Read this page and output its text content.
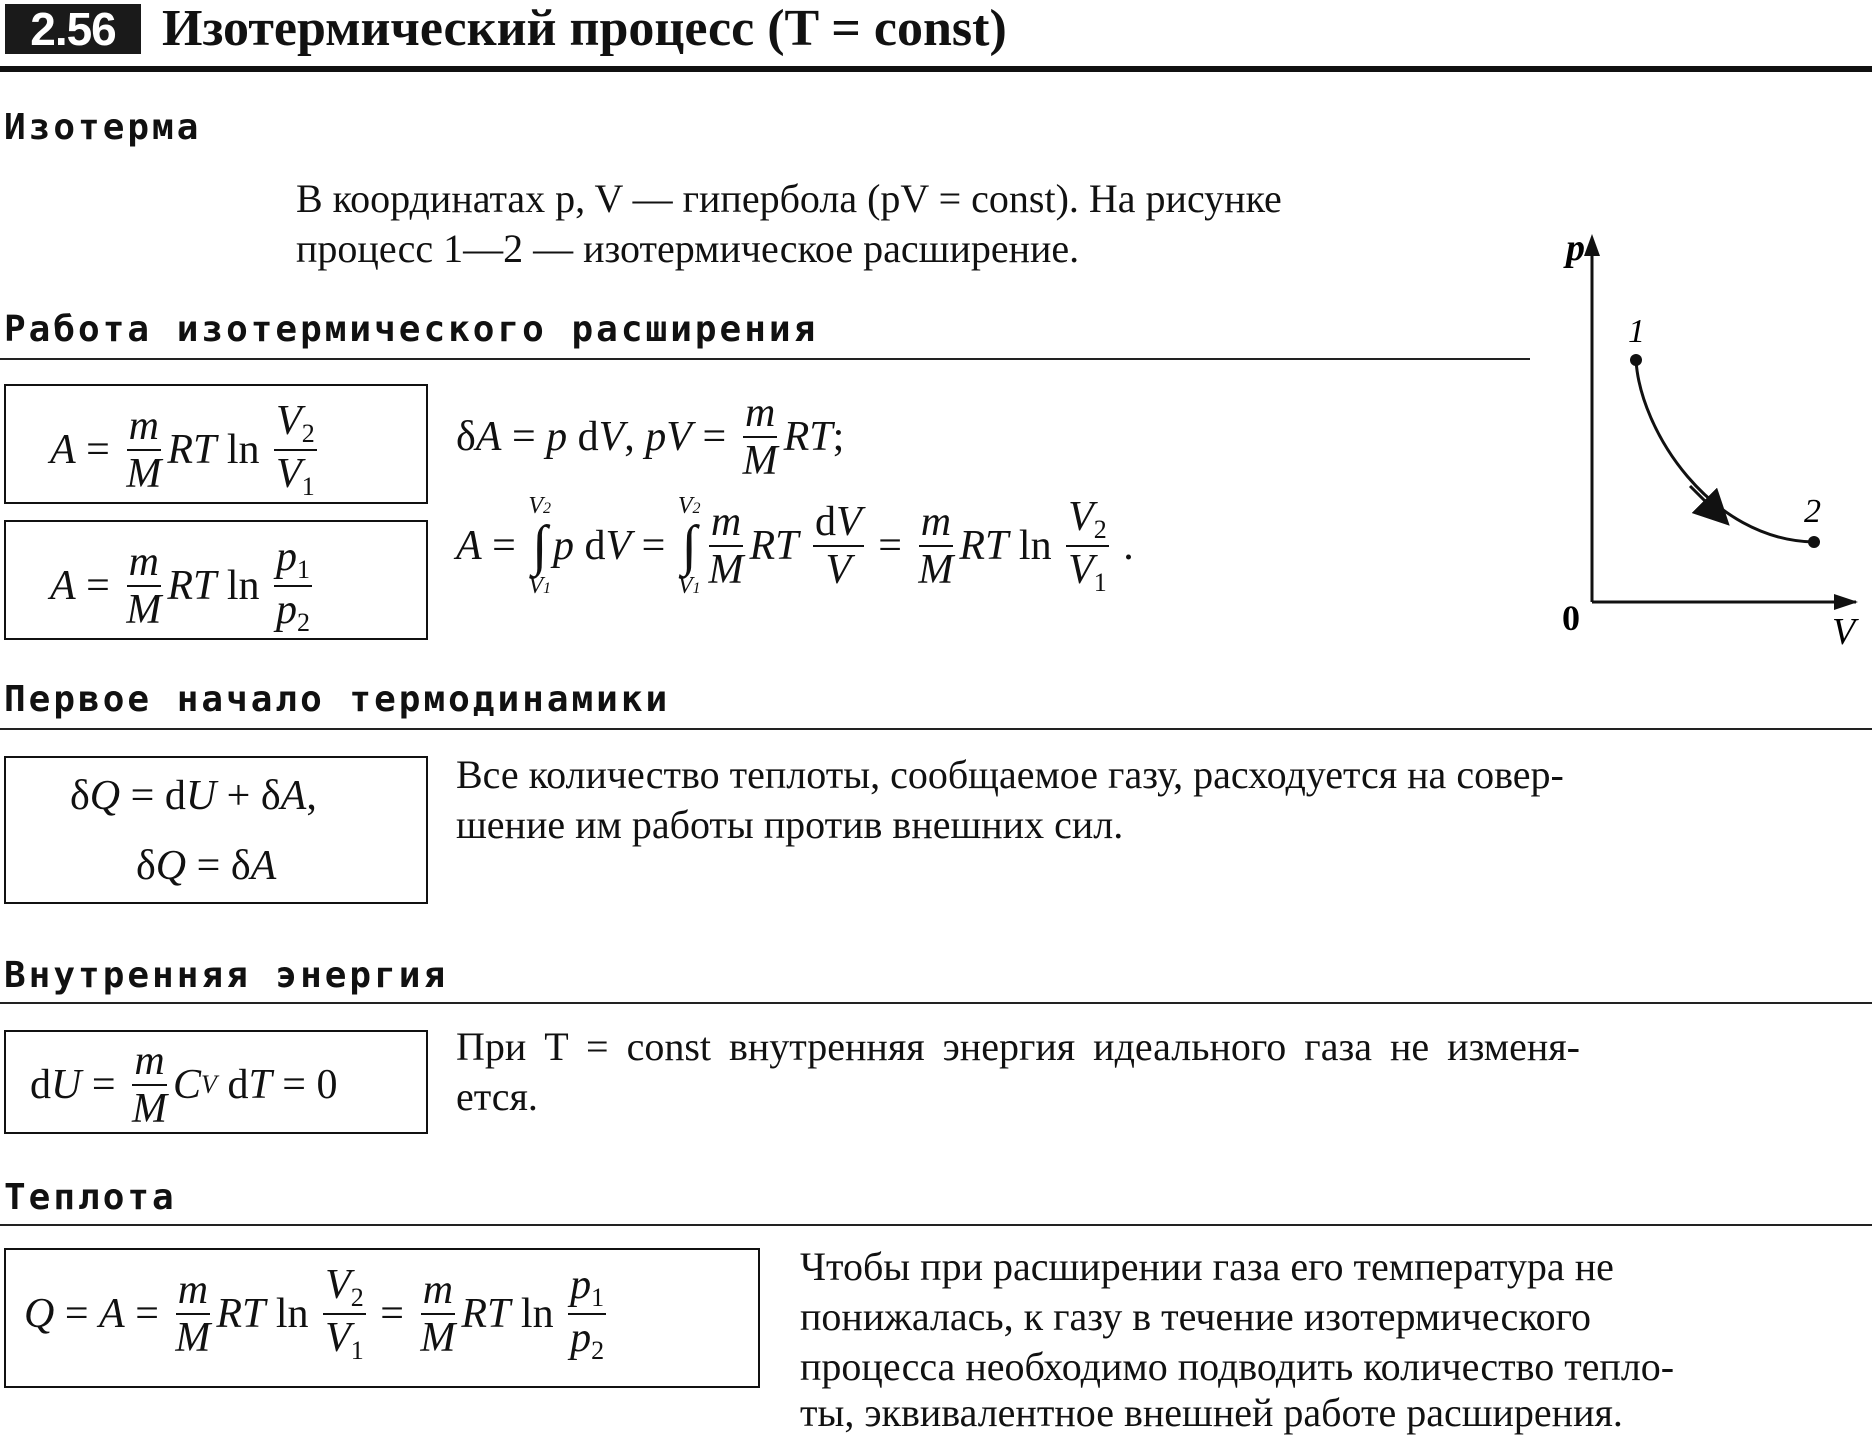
2.56 Изотермический процесс (T = const)
Изотерма
В координатах p, V — гипербола (pV = const). На рисунке
процесс 1—2 — изотермическое расширение.
Работа изотермического расширения
$A = \frac{m}{M}$ RT $\ln \frac{V_2}{V_1}$
$A = \frac{m}{M}$ RT $\ln \frac{p_1}{p_2}$
δ A = p d V , pV = $\frac{m}{M}$ RT ;
A =
V2
∫
V1
p d V =
V2
∫
$V1 \frac{m}{M}$ RT
$\frac{dV}{V} = \frac{m}{M}$ RT $\ln \frac{V_2}{V_1}$ .
p
1
2
0	V
Первое начало термодинамики
δ Q = d U + δ A ,
δ Q = δ A
Все количество теплоты, сообщаемое газу, расходуется на совер-
шение им работы против внешних сил.
Внутренняя энергия
d $U = \frac{m}{M}$ C V d T = 0
При T = const внутренняя энергия идеального газа не изменя-
ется.
Теплота
$Q = A = \frac{m}{M}$ RT $\ln \frac{V_2}{V_1} = \frac{m}{M}$ RT $\ln \frac{p_1}{p_2}$	Чтобы при расширении газа его температура не
понижалась, к газу в течение изотермического
процесса необходимо подводить количество тепло-
ты, эквивалентное внешней работе расширения.
